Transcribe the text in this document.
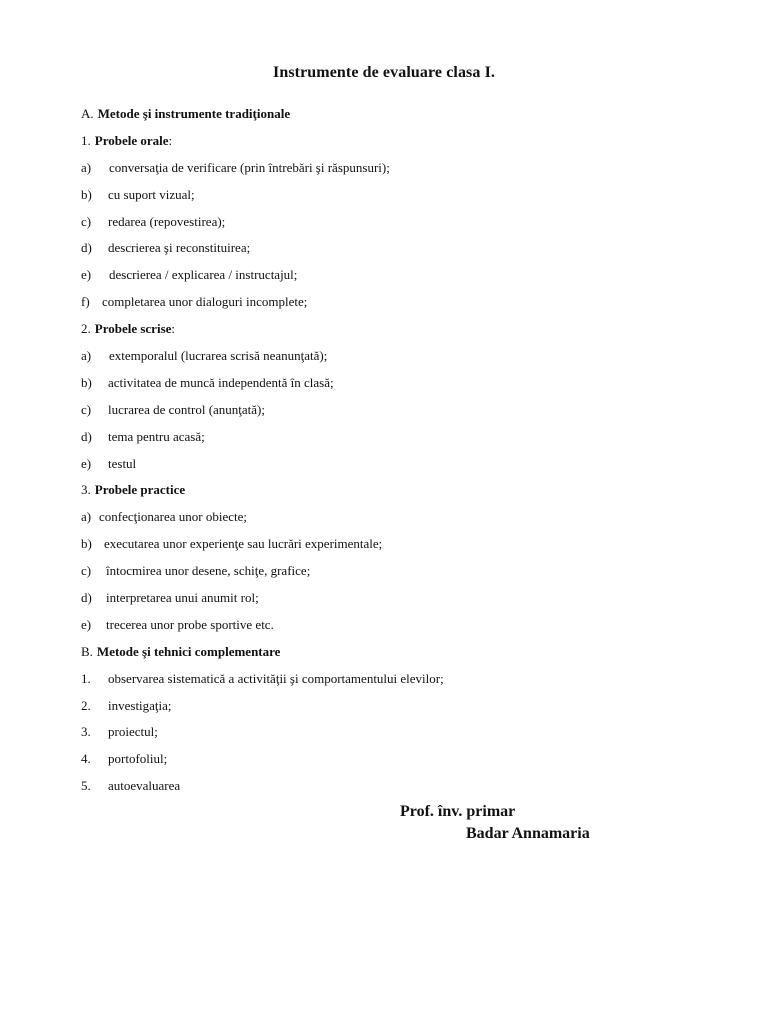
Instrumente de evaluare clasa I.
A. Metode şi instrumente tradiţionale
1. Probele orale:
a) conversaţia de verificare (prin întrebări şi răspunsuri);
b) cu suport vizual;
c) redarea (repovestirea);
d) descrierea şi reconstituirea;
e) descrierea / explicarea / instructajul;
f) completarea unor dialoguri incomplete;
2. Probele scrise:
a) extemporalul (lucrarea scrisă neanunţată);
b) activitatea de muncă independentă în clasă;
c) lucrarea de control (anunţată);
d) tema pentru acasă;
e) testul
3. Probele practice
a) confecţionarea unor obiecte;
b) executarea unor experienţe sau lucrări experimentale;
c) întocmirea unor desene, schiţe, grafice;
d) interpretarea unui anumit rol;
e) trecerea unor probe sportive etc.
B. Metode şi tehnici complementare
1. observarea sistematică a activităţii şi comportamentului elevilor;
2. investigaţia;
3. proiectul;
4. portofoliul;
5. autoevaluarea
Prof. înv. primar
Badar Annamaria
